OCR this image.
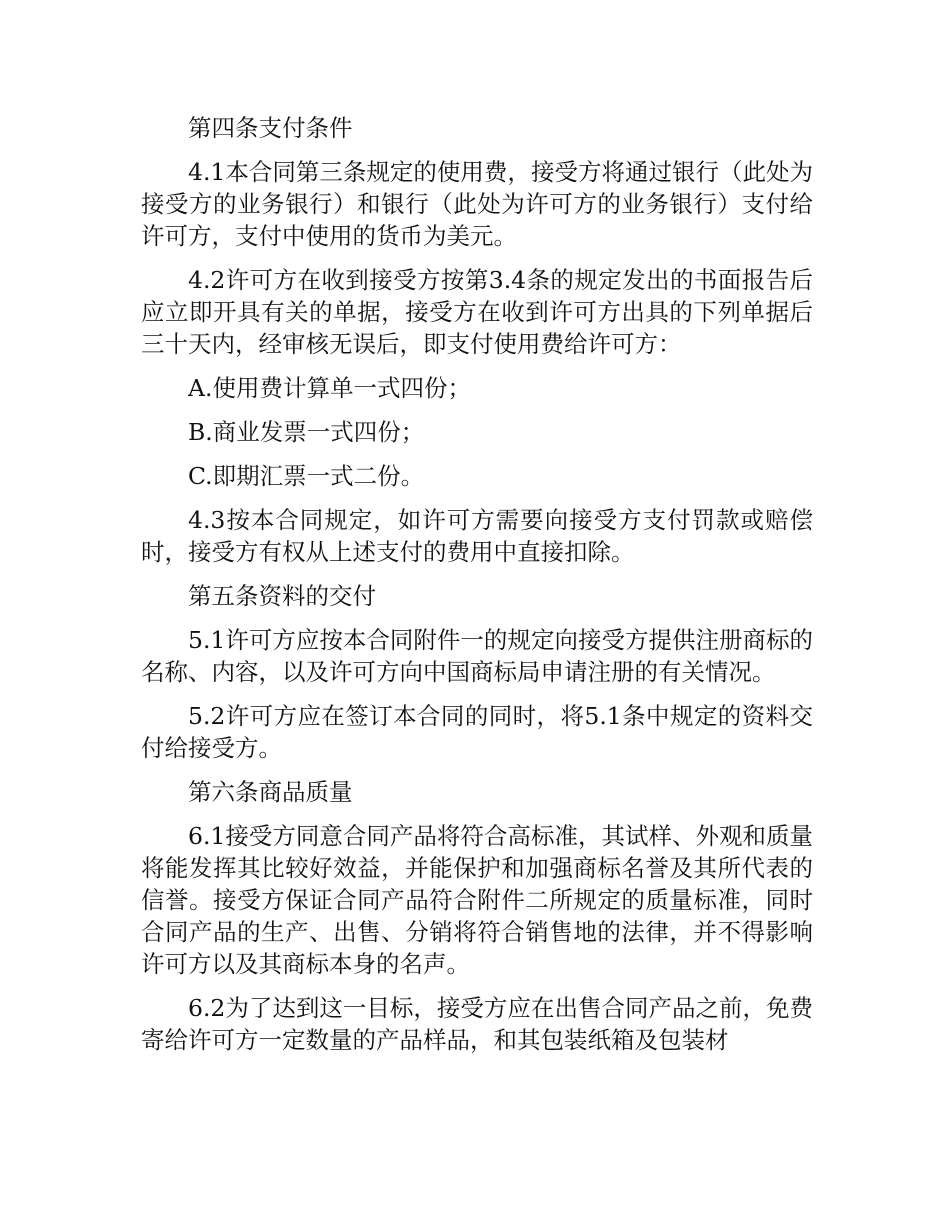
第四条支付条件

4.1本合同第三条规定的使用费，接受方将通过银行（此处为接受方的业务银行）和银行（此处为许可方的业务银行）支付给许可方，支付中使用的货币为美元。

4.2许可方在收到接受方按第3.4条的规定发出的书面报告后应立即开具有关的单据，接受方在收到许可方出具的下列单据后三十天内，经审核无误后，即支付使用费给许可方：

A.使用费计算单一式四份；

B.商业发票一式四份；

C.即期汇票一式二份。

4.3按本合同规定，如许可方需要向接受方支付罚款或赔偿时，接受方有权从上述支付的费用中直接扣除。

第五条资料的交付

5.1许可方应按本合同附件一的规定向接受方提供注册商标的名称、内容，以及许可方向中国商标局申请注册的有关情况。

5.2许可方应在签订本合同的同时，将5.1条中规定的资料交付给接受方。

第六条商品质量

6.1接受方同意合同产品将符合高标准，其试样、外观和质量将能发挥其比较好效益，并能保护和加强商标名誉及其所代表的信誉。接受方保证合同产品符合附件二所规定的质量标准，同时合同产品的生产、出售、分销将符合销售地的法律，并不得影响许可方以及其商标本身的名声。

6.2为了达到这一目标，接受方应在出售合同产品之前，免费寄给许可方一定数量的产品样品，和其包装纸箱及包装材
